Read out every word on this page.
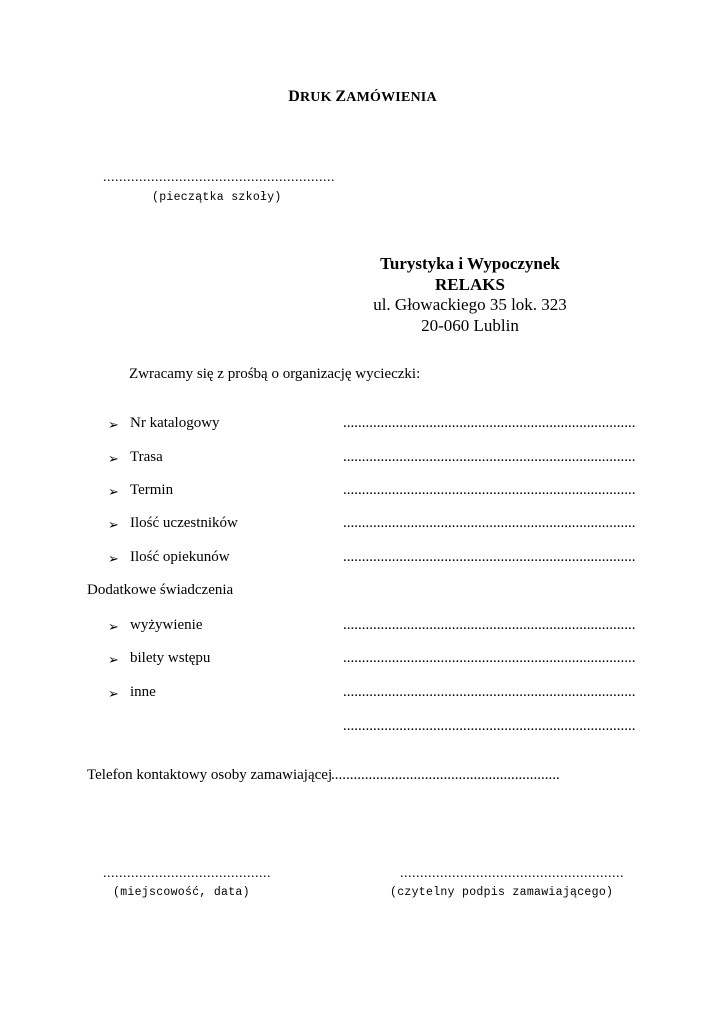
DRUK ZAMÓWIENIA
..........................................................
(pieczątka szkoły)
Turystyka i Wypoczynek
RELAKS
ul. Głowackiego 35 lok. 323
20-060 Lublin
Zwracamy się z prośbą o organizację wycieczki:
➢ Nr katalogowy	..............................................................................
➢ Trasa	..............................................................................
➢ Termin	..............................................................................
➢ Ilość uczestników	..............................................................................
➢ Ilość opiekunów	..............................................................................
Dodatkowe świadczenia
➢ wyżywienie	..............................................................................
➢ bilety wstępu	..............................................................................
➢ inne	..............................................................................
..............................................................................
Telefon kontaktowy osoby zamawiającej
.............................................................
..........................................
(miejscowość, data)
........................................................
(czytelny podpis zamawiającego)
